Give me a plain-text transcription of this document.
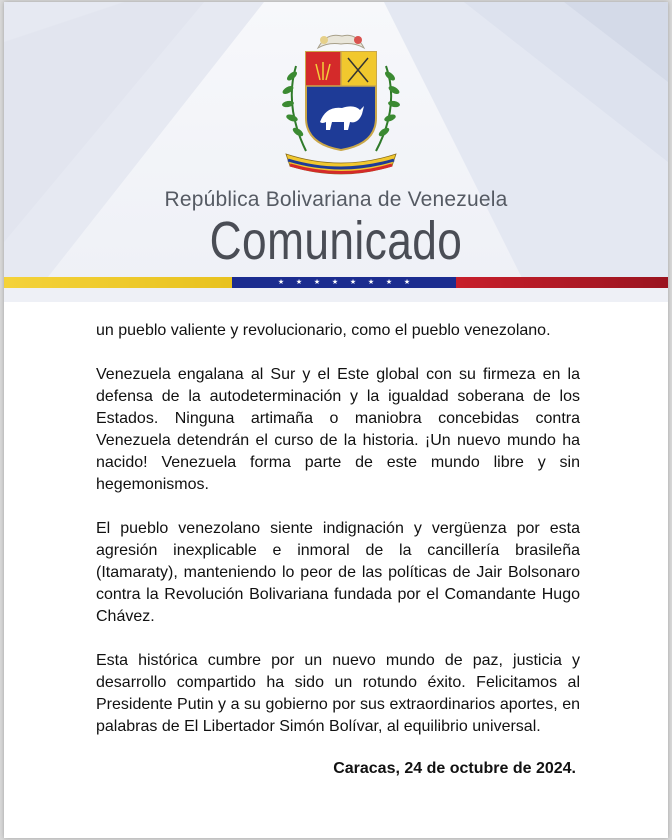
República Bolivariana de Venezuela
Comunicado
★ ★ ★ ★ ★ ★ ★ ★

un pueblo valiente y revolucionario, como el pueblo venezolano.

Venezuela engalana al Sur y el Este global con su firmeza en la defensa de la autodeterminación y la igualdad soberana de los Estados. Ninguna artimaña o maniobra concebidas contra Venezuela detendrán el curso de la historia. ¡Un nuevo mundo ha nacido! Venezuela forma parte de este mundo libre y sin hegemonismos.

El pueblo venezolano siente indignación y vergüenza por esta agresión inexplicable e inmoral de la cancillería brasileña (Itamaraty), manteniendo lo peor de las políticas de Jair Bolsonaro contra la Revolución Bolivariana fundada por el Comandante Hugo Chávez.

Esta histórica cumbre por un nuevo mundo de paz, justicia y desarrollo compartido ha sido un rotundo éxito. Felicitamos al Presidente Putin y a su gobierno por sus extraordinarios aportes, en palabras de El Libertador Simón Bolívar, al equilibrio universal.

Caracas, 24 de octubre de 2024.
